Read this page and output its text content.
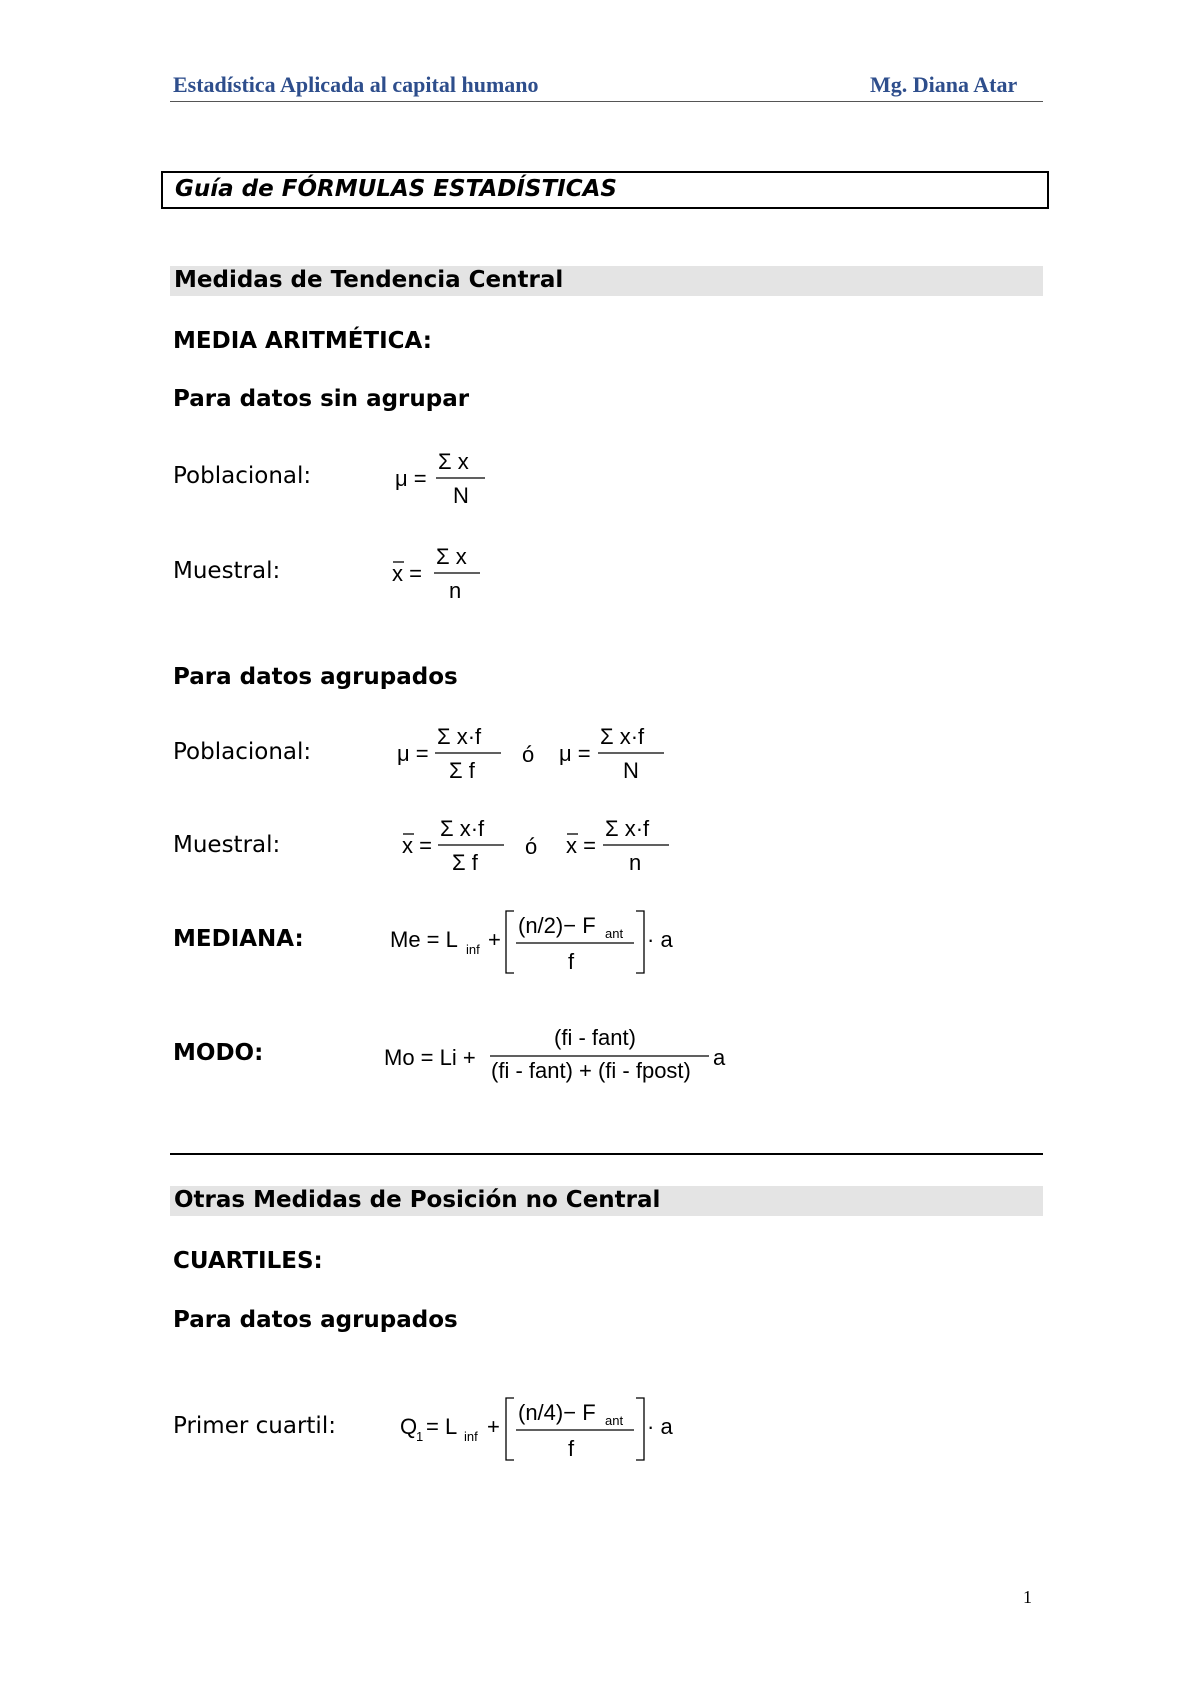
Estadística Aplicada al capital humano	Mg. Diana Atar
Guía de FÓRMULAS ESTADÍSTICAS
Medidas de Tendencia Central
MEDIA ARITMÉTICA:
Para datos sin agrupar
Poblacional:	μ =
Σ x
N
Muestral:	x =
Σ x
n
Para datos agrupados
Poblacional:	μ =
Σ x·f
Σ f
ó μ =
Σ x·f
N
Muestral:	x =
Σ x·f
Σ f
ó x =
Σ x·f
n
MEDIANA:	Me = L inf +
(n/2)− F ant
f
· a
MODO:	Mo = Li +
(fi - fant)
(fi - fant) + (fi - fpost)
a
Otras Medidas de Posición no Central
CUARTILES:
Para datos agrupados
Primer cuartil:	Q
1 = L inf +
(n/4)− F ant
f
· a
1
